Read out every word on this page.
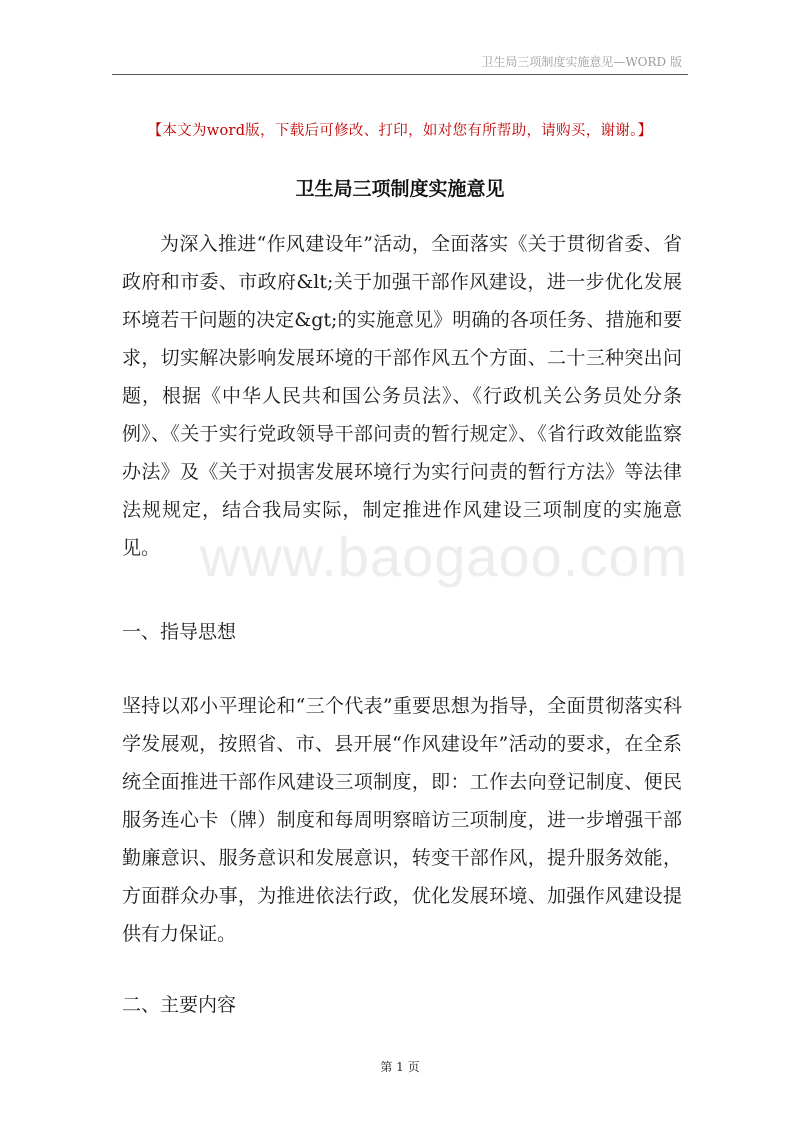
卫生局三项制度实施意见—WORD 版
【本文为word版，下载后可修改、打印，如对您有所帮助，请购买，谢谢。】
卫生局三项制度实施意见

为深入推进“作风建设年”活动，全面落实《关于贯彻省委、省政府和市委、市政府&lt;关于加强干部作风建设，进一步优化发展环境若干问题的决定&gt;的实施意见》明确的各项任务、措施和要求，切实解决影响发展环境的干部作风五个方面、二十三种突出问题，根据《中华人民共和国公务员法》、《行政机关公务员处分条例》、《关于实行党政领导干部问责的暂行规定》、《省行政效能监察办法》及《关于对损害发展环境行为实行问责的暂行方法》等法律法规规定，结合我局实际，制定推进作风建设三项制度的实施意见。 www.baogaoo.com

一、指导思想

坚持以邓小平理论和“三个代表”重要思想为指导，全面贯彻落实科学发展观，按照省、市、县开展“作风建设年”活动的要求，在全系统全面推进干部作风建设三项制度，即：工作去向登记制度、便民服务连心卡（牌）制度和每周明察暗访三项制度，进一步增强干部勤廉意识、服务意识和发展意识，转变干部作风，提升服务效能，方面群众办事，为推进依法行政，优化发展环境、加强作风建设提供有力保证。

二、主要内容

第 1 页
